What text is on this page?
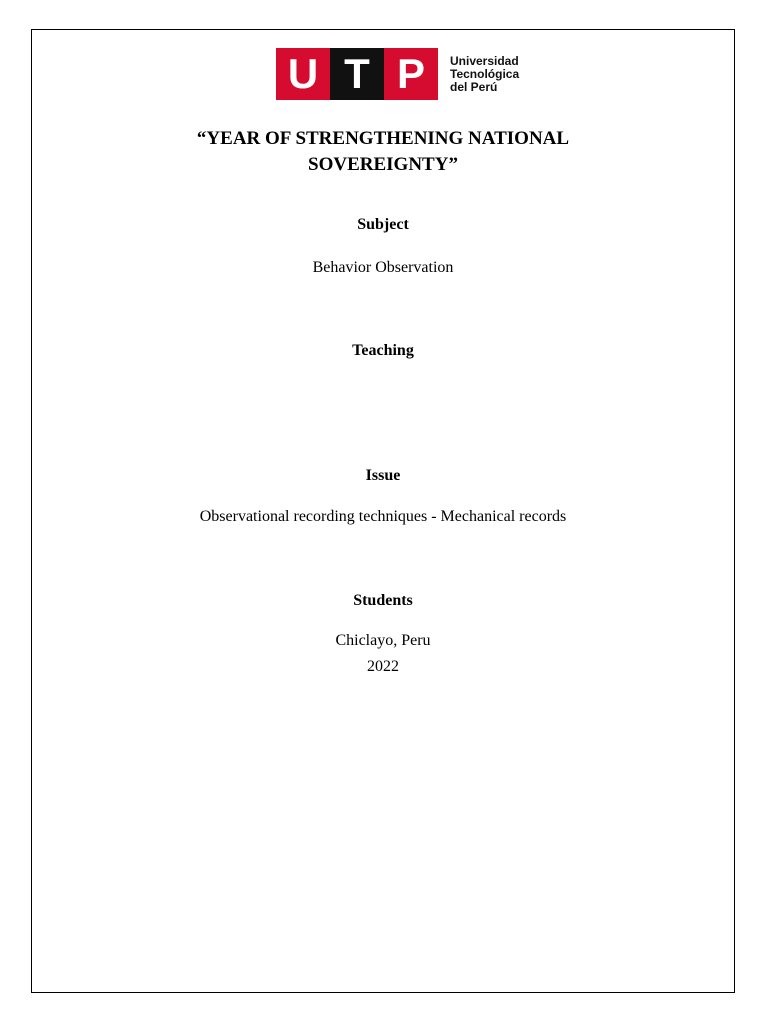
U T P	Universidad
Tecnológica
del Perú
“YEAR OF STRENGTHENING NATIONAL
SOVEREIGNTY”
Subject
Behavior Observation
Teaching
Issue
Observational recording techniques - Mechanical records
Students
Chiclayo, Peru
2022
